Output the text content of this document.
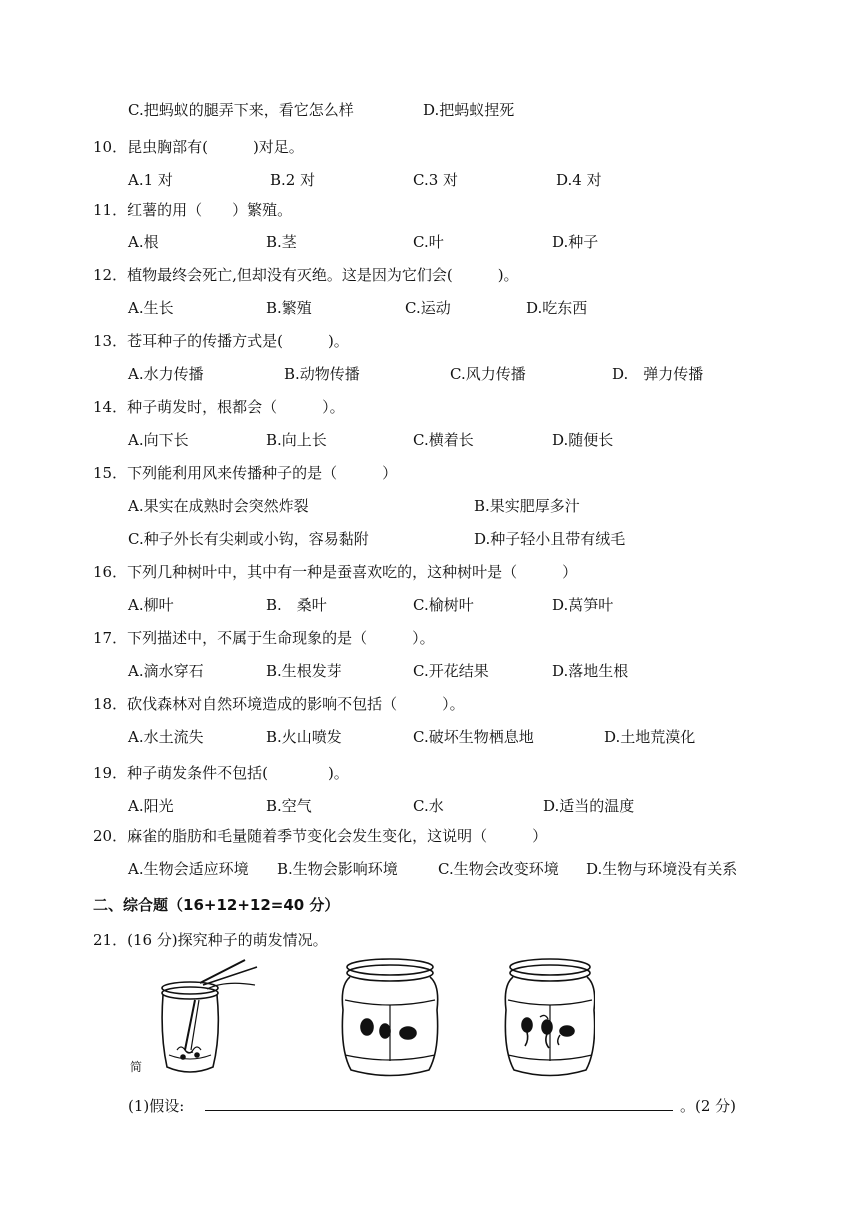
C.把蚂蚁的腿弄下来，看它怎么样	D.把蚂蚁捏死
10．昆虫胸部有(　　　)对足。
A.1 对	B.2 对	C.3 对	D.4 对
11．红薯的用（　　）繁殖。
A.根	B.茎	C.叶	D.种子
12．植物最终会死亡,但却没有灭绝。这是因为它们会(　　　)。
A.生长	B.繁殖	C.运动	D.吃东西
13．苍耳种子的传播方式是(　　　)。
A.水力传播	B.动物传播	C.风力传播	D.　弹力传播
14．种子萌发时，根都会（　　　）。
A.向下长	B.向上长	C.横着长	D.随便长
15．下列能利用风来传播种子的是（　　　）
A.果实在成熟时会突然炸裂	B.果实肥厚多汁
C.种子外长有尖刺或小钩，容易黏附	D.种子轻小且带有绒毛
16．下列几种树叶中，其中有一种是蚕喜欢吃的，这种树叶是（　　　）
A.柳叶	B.　桑叶	C.榆树叶	D.莴笋叶
17．下列描述中，不属于生命现象的是（　　　）。
A.滴水穿石	B.生根发芽	C.开花结果	D.落地生根
18．砍伐森林对自然环境造成的影响不包括（　　　）。
A.水土流失	B.火山喷发	C.破坏生物栖息地	D.土地荒漠化
19．种子萌发条件不包括(　　　　)。
A.阳光	B.空气	C.水	D.适当的温度
20．麻雀的脂肪和毛量随着季节变化会发生变化，这说明（　　　）
A.生物会适应环境 B.生物会影响环境	C.生物会改变环境 D.生物与环境没有关系
二、综合题（16+12+12=40 分）
21．(16 分)探究种子的萌发情况。
简
(1)假设:	。(2 分)
